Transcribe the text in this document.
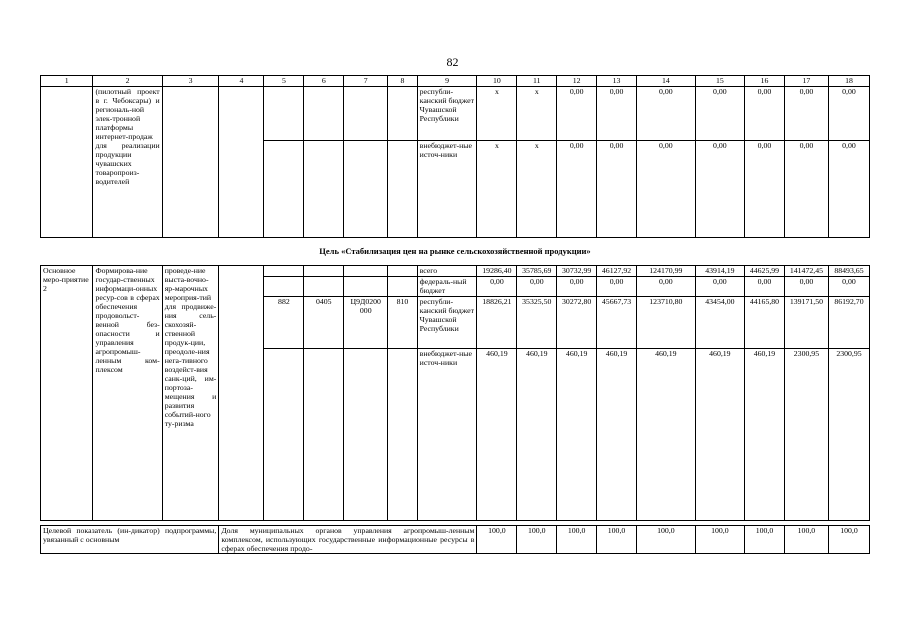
82
1	2	3	4	5	6	7	8	9	10	11	12	13	14	15	16	17	18
	(пилотный проект в г. Чебоксары) и региональ-ной элек-тронной платформы интернет-продаж для реализации продукции чувашских товаропроиз-водителей							республи-канский бюджет Чувашской Республики	x	x	0,00	0,00	0,00	0,00	0,00	0,00	0,00
								внебюджет-ные источ-ники	x	x	0,00	0,00	0,00	0,00	0,00	0,00	0,00
Цель «Стабилизация цен на рынке сельскохозяйственной продукции»																	
Основное меро-приятие 2	Формирова-ние государ-ственных информаци-онных ресур-сов в сферах обеспечения продовольст-венной без-опасности и управления агропромыш-ленным ком-плексом	проведе-ние выста-вочно-яр-марочных мероприя-тий для продвиже-ния сель-скохозяй-ственной продук-ции, преодоле-ния нега-тивного воздейст-вия санк-ций, им-портоза-мещения и развития событий-ного ту-ризма						всего	19286,40	35785,69	30732,99	46127,92	124170,99	43914,19	44625,99	141472,45	88493,65
								федераль-ный бюджет	0,00	0,00	0,00	0,00	0,00	0,00	0,00	0,00	0,00
				882	0405	Ц9Д0200 000	810	республи-канский бюджет Чувашской Республики	18826,21	35325,50	30272,80	45667,73	123710,80	43454,00	44165,80	139171,50	86192,70
								внебюджет-ные источ-ники	460,19	460,19	460,19	460,19	460,19	460,19	460,19	2300,95	2300,95

Целевой показатель (ин-дикатор) подпрограммы, увязанный с основным			Доля муниципальных органов управления агропромыш-ленным комплексом, использующих государственные информационные ресурсы в сферах обеспечения продо-						100,0	100,0	100,0	100,0	100,0	100,0	100,0	100,0	100,0
